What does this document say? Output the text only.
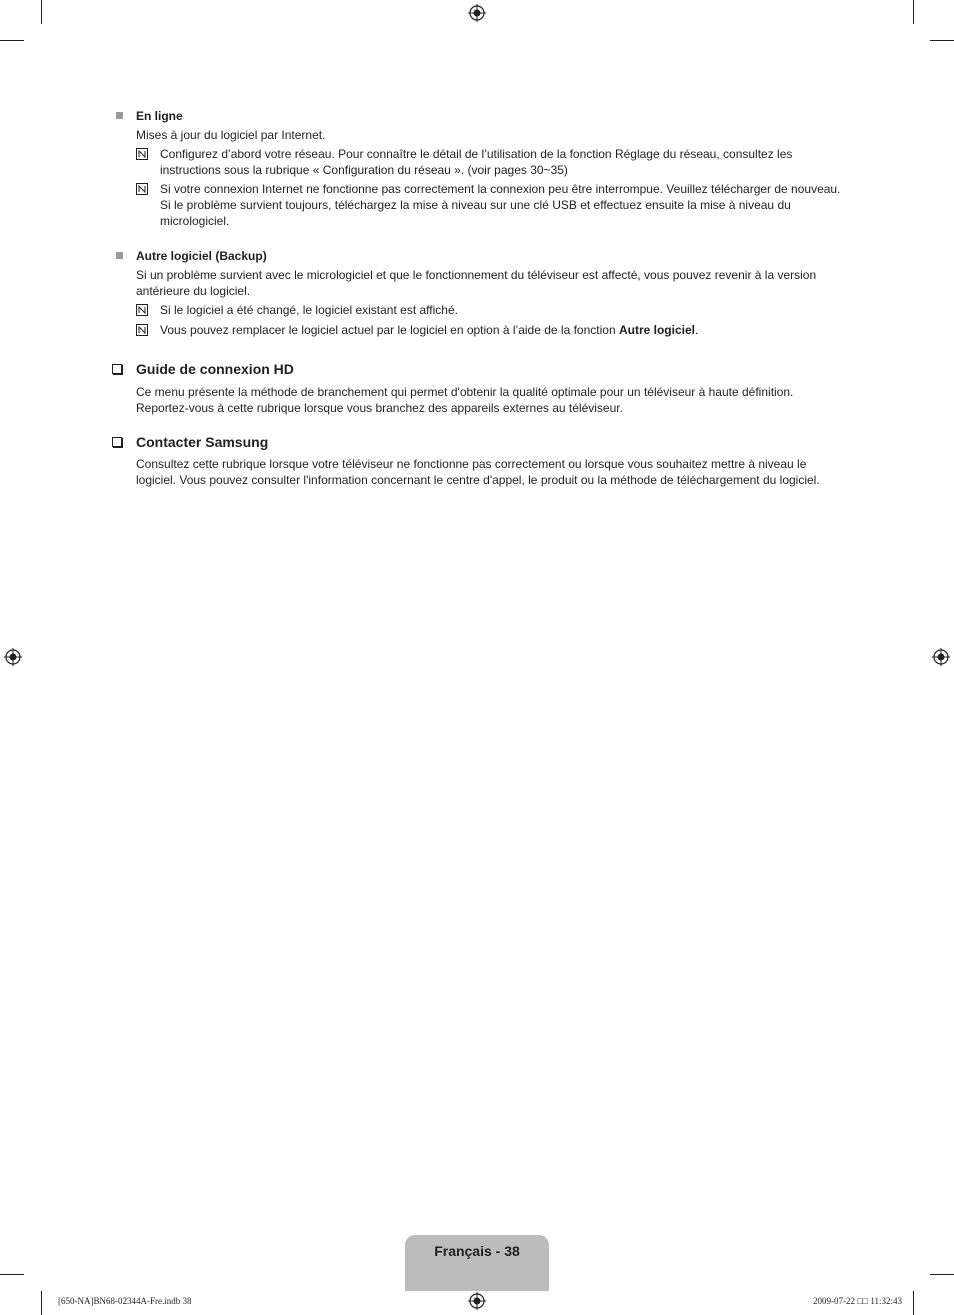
En ligne
Mises à jour du logiciel par Internet.
Configurez d’abord votre réseau. Pour connaître le détail de l’utilisation de la fonction Réglage du réseau, consultez les instructions sous la rubrique « Configuration du réseau ». (voir pages 30~35)
Si votre connexion Internet ne fonctionne pas correctement la connexion peu être interrompue. Veuillez télécharger de nouveau. Si le problème survient toujours, téléchargez la mise à niveau sur une clé USB et effectuez ensuite la mise à niveau du micrologiciel.
Autre logiciel (Backup)
Si un problème survient avec le micrologiciel et que le fonctionnement du téléviseur est affecté, vous pouvez revenir à la version antérieure du logiciel.
Si le logiciel a été changé, le logiciel existant est affiché.
Vous pouvez remplacer le logiciel actuel par le logiciel en option à l’aide de la fonction Autre logiciel.
Guide de connexion HD
Ce menu présente la méthode de branchement qui permet d'obtenir la qualité optimale pour un téléviseur à haute définition. Reportez-vous à cette rubrique lorsque vous branchez des appareils externes au téléviseur.
Contacter Samsung
Consultez cette rubrique lorsque votre téléviseur ne fonctionne pas correctement ou lorsque vous souhaitez mettre à niveau le logiciel. Vous pouvez consulter l'information concernant le centre d'appel, le produit ou la méthode de téléchargement du logiciel.
Français - 38
[650-NA]BN68-02344A-Fre.indb 38	2009-07-22 □□ 11:32:43
